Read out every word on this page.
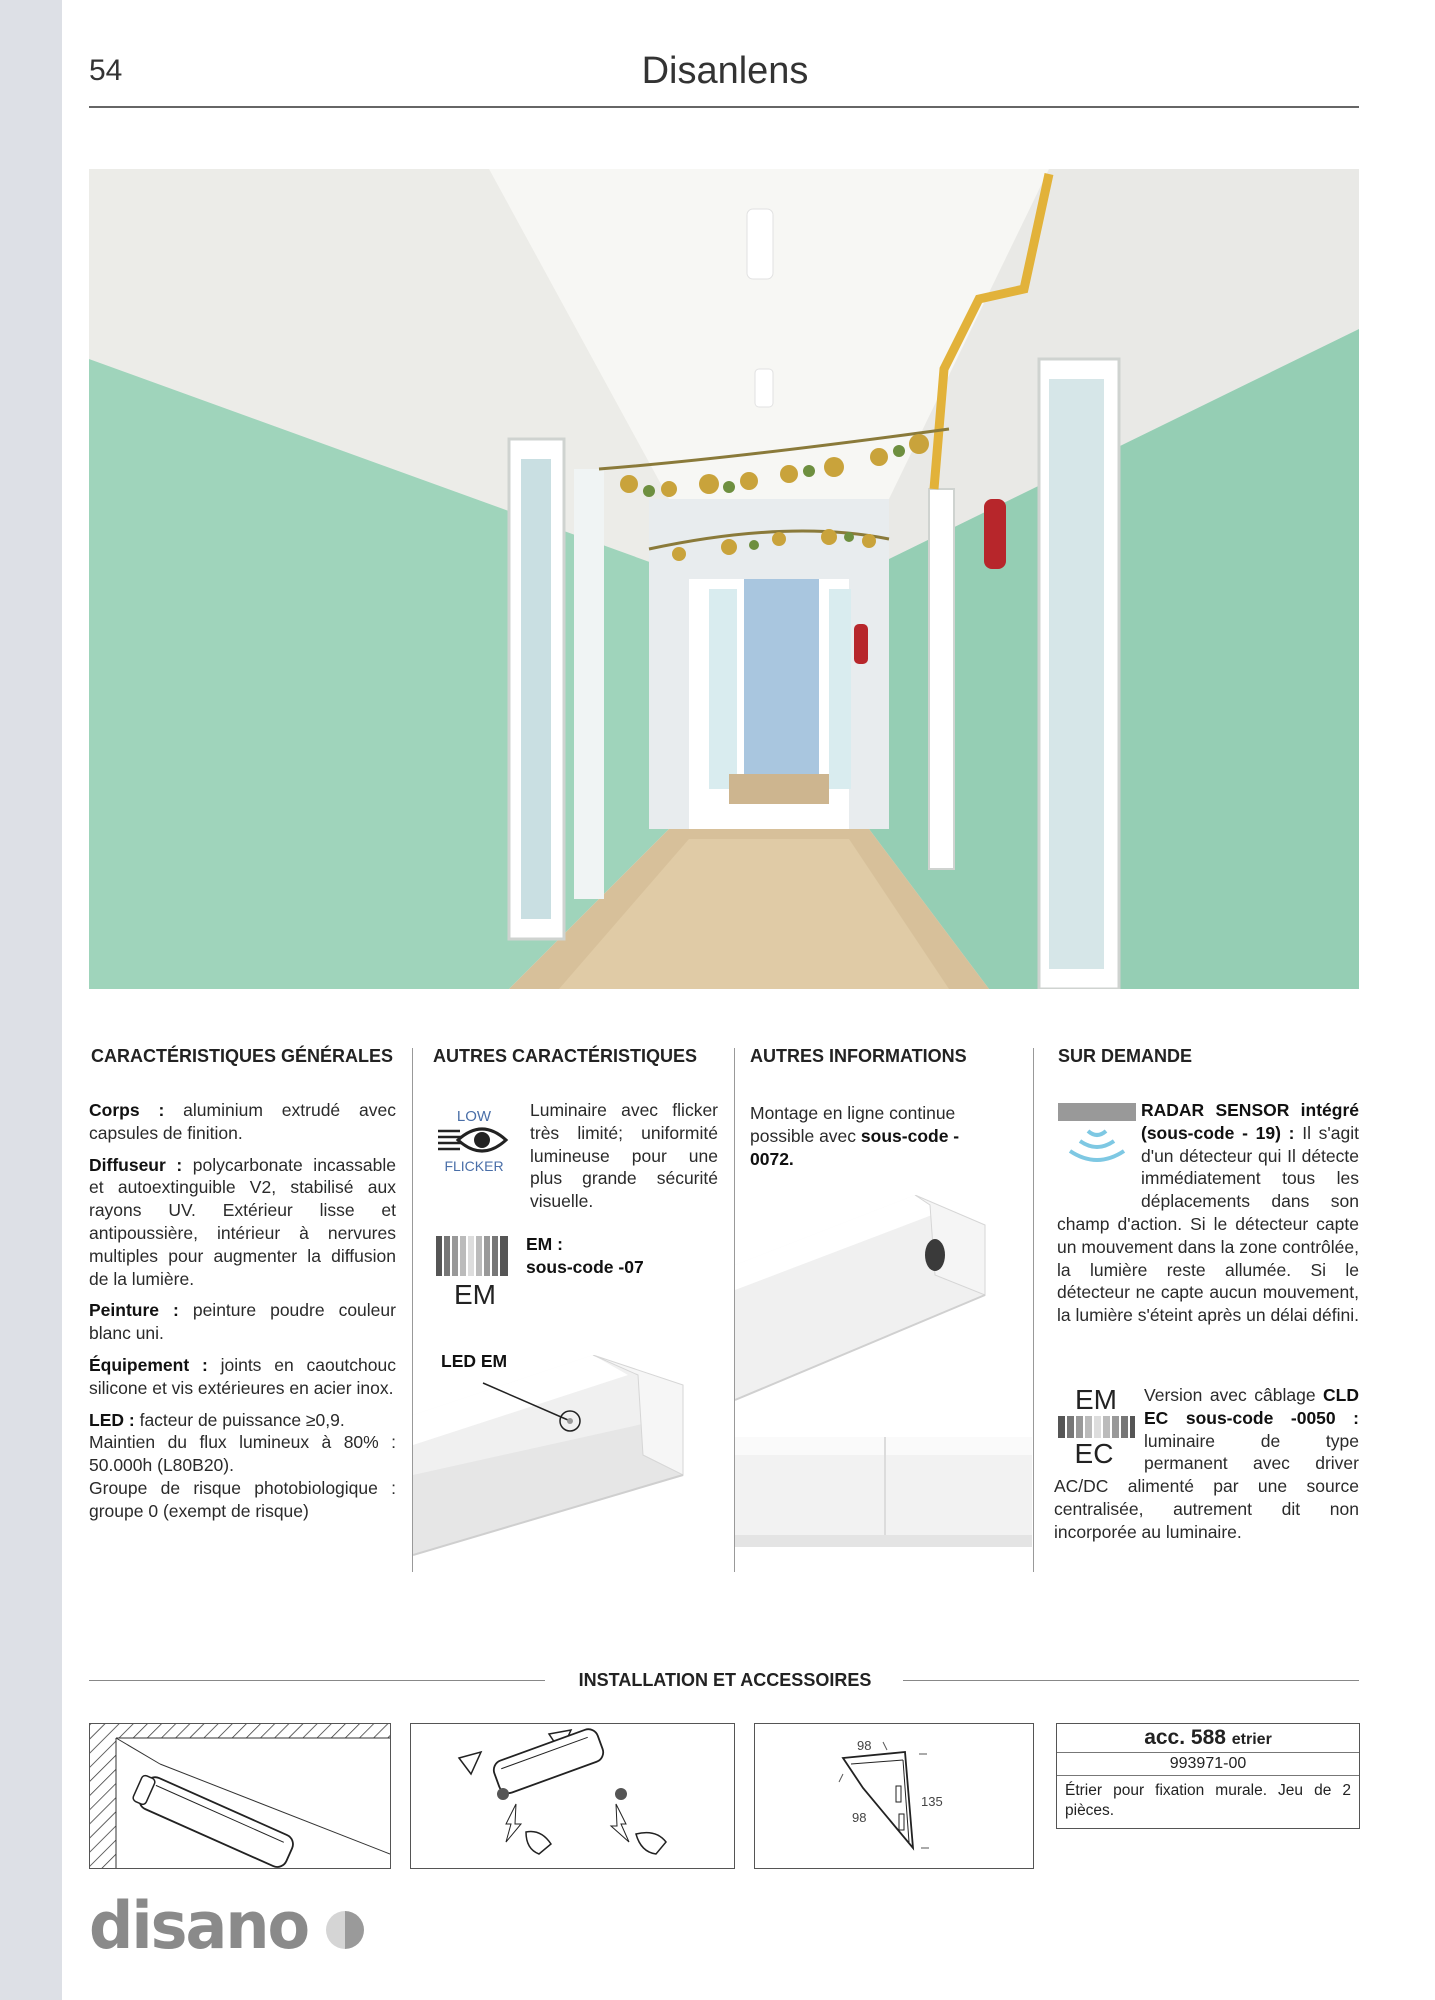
54	Disanlens
CARACTÉRISTIQUES GÉNÉRALES AUTRES CARACTÉRISTIQUES	AUTRES INFORMATIONS	SUR DEMANDE

Corps : aluminium extrudé avec capsules de finition.

Diffuseur : polycarbonate incassable et autoextinguible V2, stabilisé aux rayons UV. Extérieur lisse et antipoussière, intérieur à nervures multiples pour augmenter la diffusion de la lumière.

Peinture : peinture poudre couleur blanc uni.

Équipement : joints en caoutchouc silicone et vis extérieures en acier inox.

LED : facteur de puissance ≥0,9.

Maintien du flux lumineux à 80% : 50.000h (L80B20).

Groupe de risque photobiologique : groupe 0 (exempt de risque)

LOW
FLICKER
Luminaire avec flicker très limité; uniformité lumineuse pour une plus grande sécurité visuelle.
EM
EM :
sous-code -07
LED EM
Montage en ligne continue possible avec sous-code - 0072.
RADAR SENSOR intégré (sous-code - 19) : Il s'agit d'un détecteur qui Il détecte immédiatement tous les déplacements dans son champ d'action. Si le détecteur capte un mouvement dans la zone contrôlée, la lumière reste allumée. Si le détecteur ne capte aucun mouvement, la lumière s'éteint après un délai défini.
EM
EC
Version avec câblage CLD EC sous-code -0050 : luminaire de type permanent avec driver AC/DC alimenté par une source centralisée, autrement dit non incorporée au luminaire.
INSTALLATION ET ACCESSOIRES
98
98
135
acc. 588 etrier
993971-00
Étrier pour fixation murale. Jeu de 2 pièces.
disano
